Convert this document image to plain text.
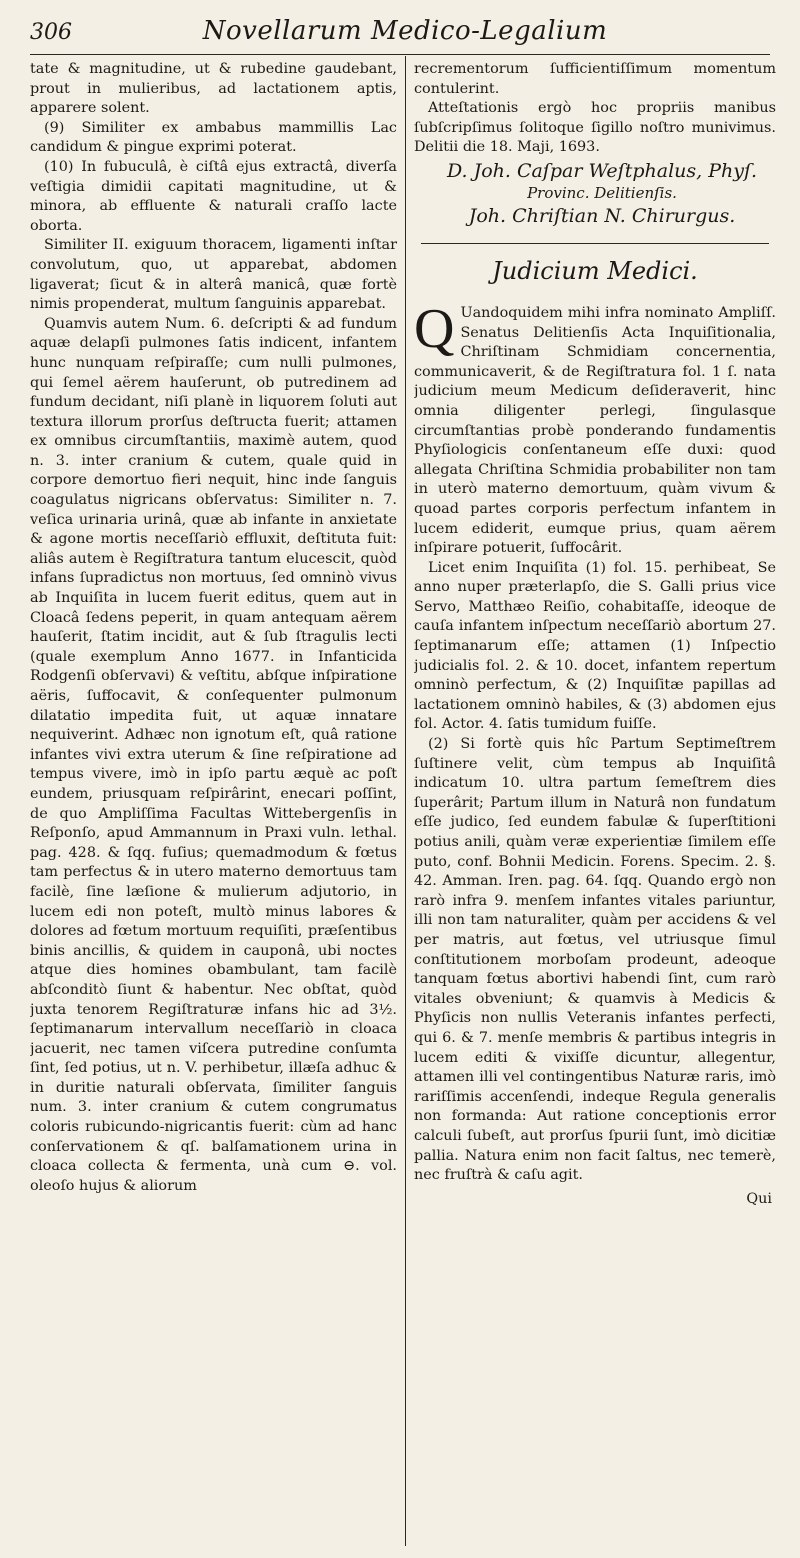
306	Novellarum Medico-Legalium

tate & magnitudine, ut & rubedine gaudebant, prout in mulieribus, ad lactationem aptis, apparere solent.

(9) Similiter ex ambabus mammillis Lac candidum & pingue exprimi poterat.

(10) In fubuculâ, è ciſtâ ejus extractâ, diverſa veſtigia dimidii capitati magnitudine, ut & minora, ab effluente & naturali craſſo lacte oborta.

Similiter II. exiguum thoracem, ligamenti inſtar convolutum, quo, ut apparebat, abdomen ligaverat; ſicut & in alterâ manicâ, quæ fortè nimis propenderat, multum ſanguinis apparebat.

Quamvis autem Num. 6. deſcripti & ad fundum aquæ delapſi pulmones ſatis indicent, infantem hunc nunquam reſpiraſſe; cum nulli pulmones, qui ſemel aërem hauſerunt, ob putredinem ad fundum decidant, niſi planè in liquorem ſoluti aut textura illorum prorſus deſtructa fuerit; attamen ex omnibus circumſtantiis, maximè autem, quod n. 3. inter cranium & cutem, quale quid in corpore demortuo fieri nequit, hinc inde ſanguis coagulatus nigricans obſervatus: Similiter n. 7. veſica urinaria urinâ, quæ ab infante in anxietate & agone mortis neceſſariò effluxit, deſtituta fuit: aliâs autem è Regiſtratura tantum elucescit, quòd infans ſupradictus non mortuus, ſed omninò vivus ab Inquiſita in lucem fuerit editus, quem aut in Cloacâ ſedens peperit, in quam antequam aërem hauſerit, ſtatim incidit, aut & ſub ſtragulis lecti (quale exemplum Anno 1677. in Infanticida Rodgenſi obſervavi) & veſtitu, abſque inſpiratione aëris, ſuffocavit, & conſequenter pulmonum dilatatio impedita fuit, ut aquæ innatare nequiverint. Adhæc non ignotum eſt, quâ ratione infantes vivi extra uterum & ſine reſpiratione ad tempus vivere, imò in ipſo partu æquè ac poſt eundem, priusquam reſpirârint, enecari poſſint, de quo Ampliſſima Facultas Wittebergenſis in Reſponſo, apud Ammannum in Praxi vuln. lethal. pag. 428. & ſqq. fuſius; quemadmodum & fœtus tam perfectus & in utero materno demortuus tam facilè, ſine læſione & mulierum adjutorio, in lucem edi non poteſt, multò minus labores & dolores ad fœtum mortuum requiſiti, præſentibus binis ancillis, & quidem in cauponâ, ubi noctes atque dies homines obambulant, tam facilè abſconditò ſiunt & habentur. Nec obſtat, quòd juxta tenorem Regiſtraturæ infans hic ad 3½. ſeptimanarum intervallum neceſſariò in cloaca jacuerit, nec tamen viſcera putredine conſumta ſint, ſed potius, ut n. V. perhibetur, illæſa adhuc & in duritie naturali obſervata, ſimiliter ſanguis num. 3. inter cranium & cutem congrumatus coloris rubicundo-nigricantis fuerit: cùm ad hanc conſervationem & qſ. balſamationem urina in cloaca collecta & fermenta, unà cum ⊖. vol. oleoſo hujus & aliorum

recrementorum ſufficientiſſimum momentum contulerint.

Atteſtationis ergò hoc propriis manibus ſubſcripſimus ſolitoque ſigillo noſtro munivimus. Delitii die 18. Maji, 1693.

D. Joh. Caſpar Weſtphalus, Phyſ.

Provinc. Delitienſis.

Joh. Chriſtian N. Chirurgus.

Judicium Medici.

Q Uandoquidem mihi infra nominato Ampliſſ. Senatus Delitienſis Acta Inquiſitionalia, Chriſtinam Schmidiam concernentia, communicaverit, & de Regiſtratura fol. 1 ſ. nata judicium meum Medicum deſideraverit, hinc omnia diligenter perlegi, ſingulasque circumſtantias probè ponderando fundamentis Phyſiologicis conſentaneum eſſe duxi: quod allegata Chriſtina Schmidia probabiliter non tam in uterò materno demortuum, quàm vivum & quoad partes corporis perfectum infantem in lucem ediderit, eumque prius, quam aërem inſpirare potuerit, ſuffocârit.

Licet enim Inquiſita (1) fol. 15. perhibeat, Se anno nuper præterlapſo, die S. Galli prius vice Servo, Matthæo Reiſio, cohabitaſſe, ideoque de cauſa infantem inſpectum neceſſariò abortum 27. ſeptimanarum eſſe; attamen (1) Inſpectio judicialis fol. 2. & 10. docet, infantem repertum omninò perfectum, & (2) Inquiſitæ papillas ad lactationem omninò habiles, & (3) abdomen ejus fol. Actor. 4. ſatis tumidum fuiſſe.

(2) Si fortè quis hîc Partum Septimeſtrem ſuſtinere velit, cùm tempus ab Inquiſitâ indicatum 10. ultra partum ſemeſtrem dies ſuperârit; Partum illum in Naturâ non fundatum eſſe judico, ſed eundem fabulæ & ſuperſtitioni potius anili, quàm veræ experientiæ ſimilem eſſe puto, conf. Bohnii Medicin. Forens. Specim. 2. §. 42. Amman. Iren. pag. 64. ſqq. Quando ergò non rarò infra 9. menſem infantes vitales pariuntur, illi non tam naturaliter, quàm per accidens & vel per matris, aut fœtus, vel utriusque ſimul conſtitutionem morboſam prodeunt, adeoque tanquam fœtus abortivi habendi ſint, cum rarò vitales obveniunt; & quamvis à Medicis & Phyſicis non nullis Veteranis infantes perfecti, qui 6. & 7. menſe membris & partibus integris in lucem editi & vixiſſe dicuntur, allegentur, attamen illi vel contingentibus Naturæ raris, imò rariſſimis accenſendi, indeque Regula generalis non formanda: Aut ratione conceptionis error calculi ſubeſt, aut prorſus ſpurii ſunt, imò dicitiæ pallia. Natura enim non facit ſaltus, nec temerè, nec fruſtrà & caſu agit.

Qui
